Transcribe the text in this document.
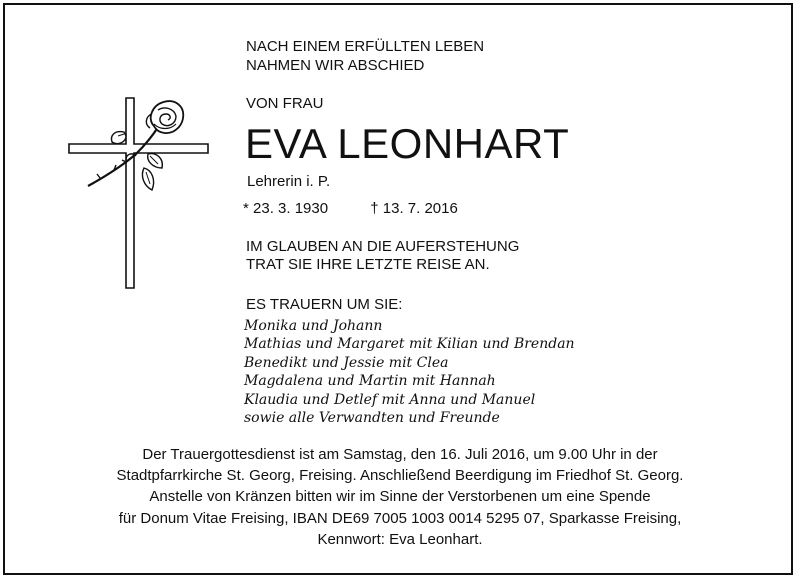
NACH EINEM ERFÜLLTEN LEBEN
NAHMEN WIR ABSCHIED
VON FRAU
EVA LEONHART
Lehrerin i. P.
* 23. 3. 1930	† 13. 7. 2016
IM GLAUBEN AN DIE AUFERSTEHUNG
TRAT SIE IHRE LETZTE REISE AN.
ES TRAUERN UM SIE:
Monika und Johann
Mathias und Margaret mit Kilian und Brendan
Benedikt und Jessie mit Clea
Magdalena und Martin mit Hannah
Klaudia und Detlef mit Anna und Manuel
sowie alle Verwandten und Freunde
Der Trauergottesdienst ist am Samstag, den 16. Juli 2016, um 9.00 Uhr in der
Stadtpfarrkirche St. Georg, Freising. Anschließend Beerdigung im Friedhof St. Georg.
Anstelle von Kränzen bitten wir im Sinne der Verstorbenen um eine Spende
für Donum Vitae Freising, IBAN DE69 7005 1003 0014 5295 07, Sparkasse Freising,
Kennwort: Eva Leonhart.
